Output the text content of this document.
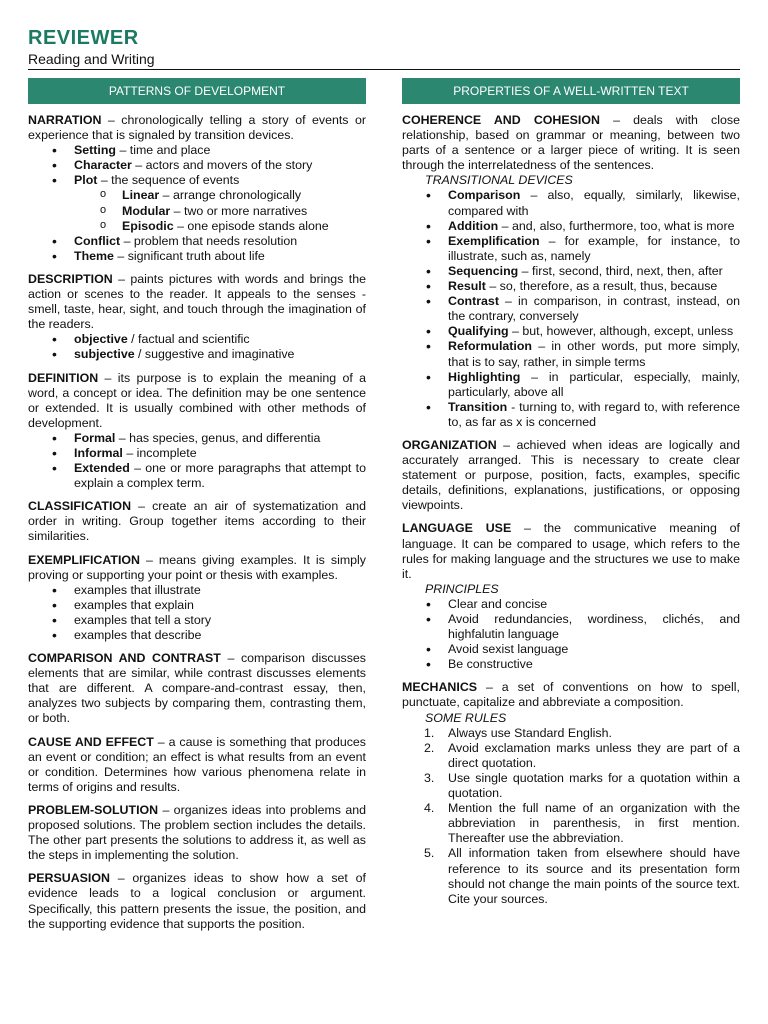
REVIEWER
Reading and Writing
PATTERNS OF DEVELOPMENT

NARRATION – chronologically telling a story of events or experience that is signaled by transition devices.

• Setting – time and place
• Character – actors and movers of the story
• Plot – the sequence of events
o Linear – arrange chronologically
o Modular – two or more narratives
o Episodic – one episode stands alone
• Conflict – problem that needs resolution
• Theme – significant truth about life

DESCRIPTION – paints pictures with words and brings the action or scenes to the reader. It appeals to the senses -smell, taste, hear, sight, and touch through the imagination of the readers.

• objective / factual and scientific
• subjective / suggestive and imaginative

DEFINITION – its purpose is to explain the meaning of a word, a concept or idea. The definition may be one sentence or extended. It is usually combined with other methods of development.

• Formal – has species, genus, and differentia
• Informal – incomplete
• Extended – one or more paragraphs that attempt to explain a complex term.

CLASSIFICATION – create an air of systematization and order in writing. Group together items according to their similarities.

EXEMPLIFICATION – means giving examples. It is simply proving or supporting your point or thesis with examples.

• examples that illustrate
• examples that explain
• examples that tell a story
• examples that describe

COMPARISON AND CONTRAST – comparison discusses elements that are similar, while contrast discusses elements that are different. A compare-and-contrast essay, then, analyzes two subjects by comparing them, contrasting them, or both.

CAUSE AND EFFECT – a cause is something that produces an event or condition; an effect is what results from an event or condition. Determines how various phenomena relate in terms of origins and results.

PROBLEM-SOLUTION – organizes ideas into problems and proposed solutions. The problem section includes the details. The other part presents the solutions to address it, as well as the steps in implementing the solution.

PERSUASION – organizes ideas to show how a set of evidence leads to a logical conclusion or argument. Specifically, this pattern presents the issue, the position, and the supporting evidence that supports the position.

PROPERTIES OF A WELL-WRITTEN TEXT

COHERENCE AND COHESION – deals with close relationship, based on grammar or meaning, between two parts of a sentence or a larger piece of writing. It is seen through the interrelatedness of the sentences.

TRANSITIONAL DEVICES
• Comparison – also, equally, similarly, likewise, compared with
• Addition – and, also, furthermore, too, what is more
• Exemplification – for example, for instance, to illustrate, such as, namely
• Sequencing – first, second, third, next, then, after
• Result – so, therefore, as a result, thus, because
• Contrast – in comparison, in contrast, instead, on the contrary, conversely
• Qualifying – but, however, although, except, unless
• Reformulation – in other words, put more simply, that is to say, rather, in simple terms
• Highlighting – in particular, especially, mainly, particularly, above all
• Transition - turning to, with regard to, with reference to, as far as x is concerned

ORGANIZATION – achieved when ideas are logically and accurately arranged. This is necessary to create clear statement or purpose, position, facts, examples, specific details, definitions, explanations, justifications, or opposing viewpoints.

LANGUAGE USE – the communicative meaning of language. It can be compared to usage, which refers to the rules for making language and the structures we use to make it.

PRINCIPLES
• Clear and concise
• Avoid redundancies, wordiness, clichés, and highfalutin language
• Avoid sexist language
• Be constructive

MECHANICS – a set of conventions on how to spell, punctuate, capitalize and abbreviate a composition.

SOME RULES
1. Always use Standard English.
2. Avoid exclamation marks unless they are part of a direct quotation.
3. Use single quotation marks for a quotation within a quotation.
4. Mention the full name of an organization with the abbreviation in parenthesis, in first mention. Thereafter use the abbreviation.
5. All information taken from elsewhere should have reference to its source and its presentation form should not change the main points of the source text. Cite your sources.
